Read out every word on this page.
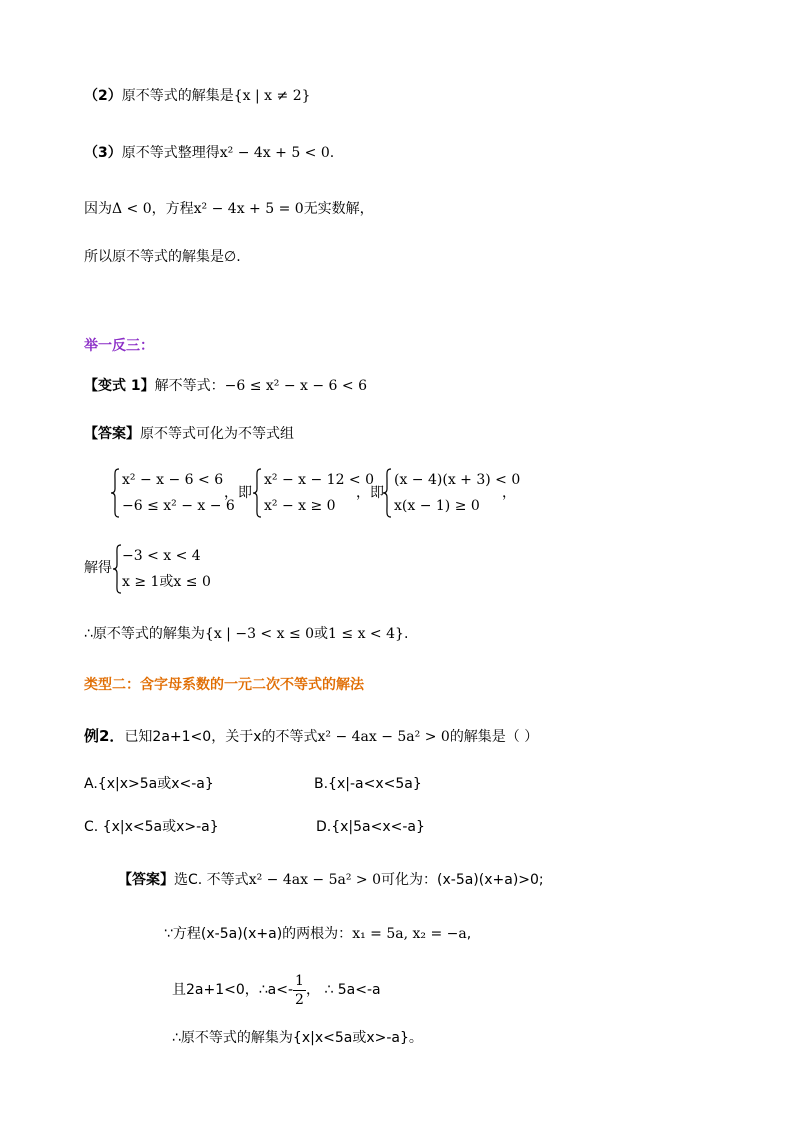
（2）原不等式的解集是{x | x ≠ 2}
（3）原不等式整理得x² − 4x + 5 < 0.
因为Δ < 0，方程x² − 4x + 5 = 0无实数解，
所以原不等式的解集是∅.
举一反三：
【变式 1】解不等式：−6 ≤ x² − x − 6 < 6
【答案】原不等式可化为不等式组
x² − x − 6 < 6
−6 ≤ x² − x − 6
，即
x² − x − 12 < 0
x² − x ≥ 0
，即
(x − 4)(x + 3) < 0
x(x − 1) ≥ 0
，
解得
−3 < x < 4
x ≥ 1或x ≤ 0
∴原不等式的解集为{x | −3 < x ≤ 0或1 ≤ x < 4}.
类型二：含字母系数的一元二次不等式的解法
例2．已知2a+1<0，关于x的不等式x² − 4ax − 5a² > 0的解集是（ ）
A.{x|x>5a或x<-a}	B.{x|-a<x<5a}
C. {x|x<5a或x>-a}	D.{x|5a<x<-a}
【答案】选C. 不等式x² − 4ax − 5a² > 0可化为：(x-5a)(x+a)>0;
∵方程(x-5a)(x+a)的两根为：x₁ = 5a, x₂ = −a,
且2a+1<0，∴a<- $\frac{1}{2}$ ， ∴ 5a<-a
∴原不等式的解集为{x|x<5a或x>-a}。
